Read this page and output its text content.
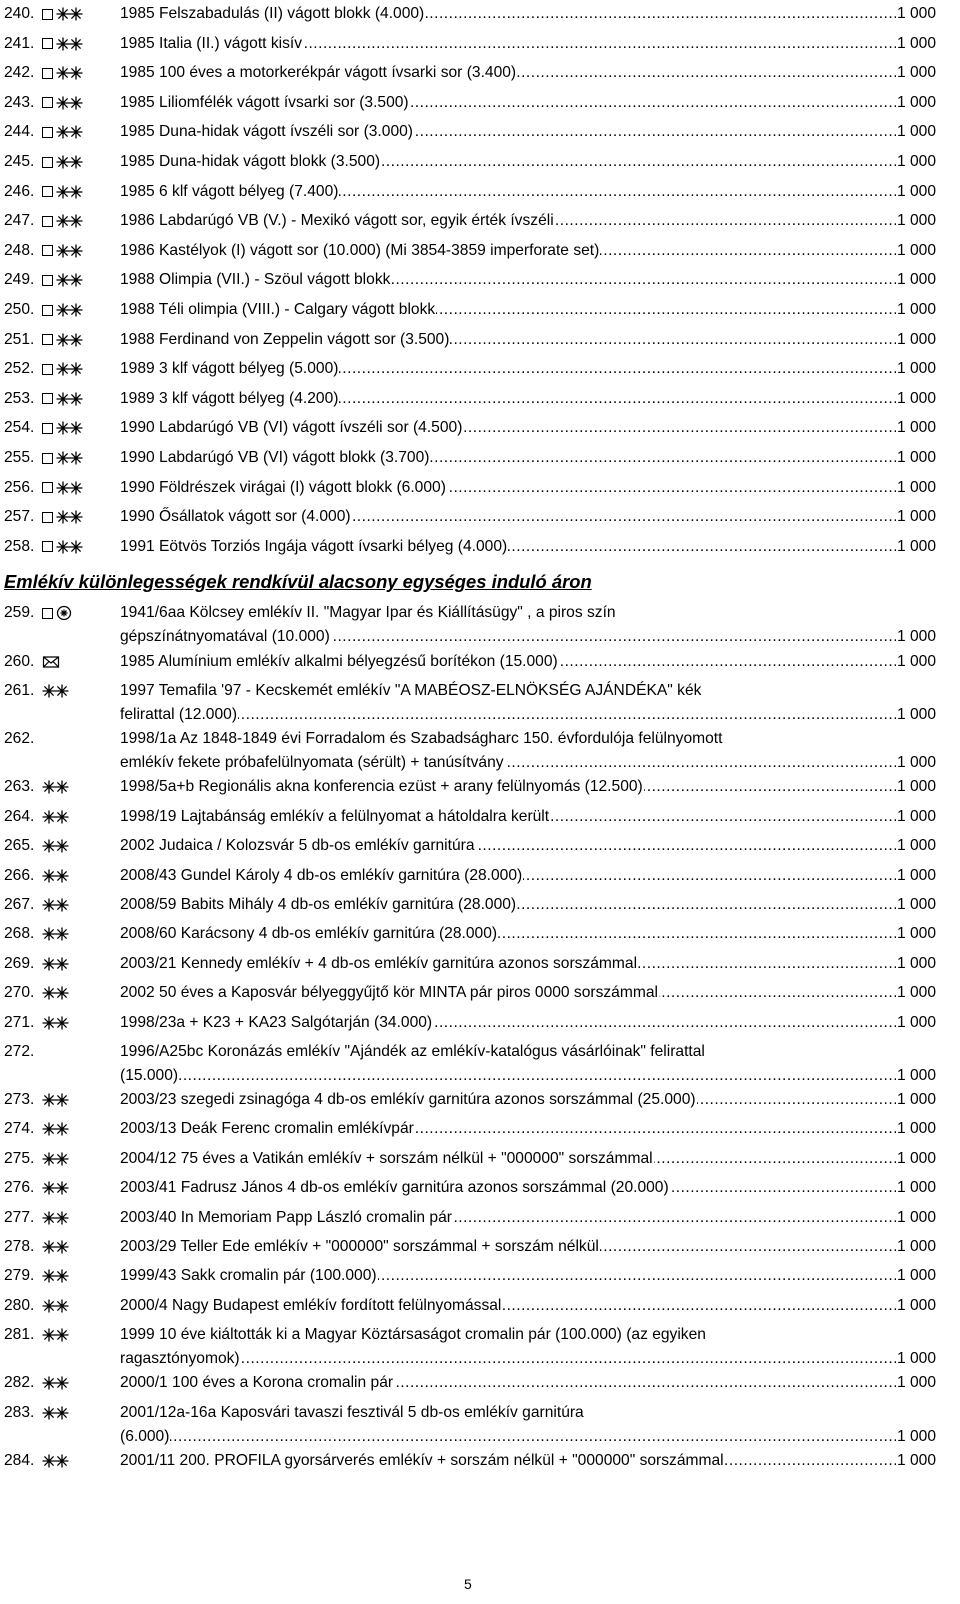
240.	1985 Felszabadulás (II) vágott blokk (4.000)	1 000
.....
241.	1985 Italia (II.) vágott kisív	1 000
.....
242.	1985 100 éves a motorkerékpár vágott ívsarki sor (3.400)	1 000
.....
243.	1985 Liliomfélék vágott ívsarki sor (3.500)	1 000
.....
244.	1985 Duna-hidak vágott ívszéli sor (3.000)	1 000
.....
245.	1985 Duna-hidak vágott blokk (3.500)	1 000
.....
246.	1985 6 klf vágott bélyeg (7.400)	1 000
.....
247.	1986 Labdarúgó VB (V.) - Mexikó vágott sor, egyik érték ívszéli	1 000
.....
248.	1986 Kastélyok (I) vágott sor (10.000) (Mi 3854-3859 imperforate set)	1 000
.....
249.	1988 Olimpia (VII.) - Szöul vágott blokk	1 000
.....
250.	1988 Téli olimpia (VIII.) - Calgary vágott blokk	1 000
.....
251.	1988 Ferdinand von Zeppelin vágott sor (3.500)	1 000
.....
252.	1989 3 klf vágott bélyeg (5.000)	1 000
.....
253.	1989 3 klf vágott bélyeg (4.200)	1 000
.....
254.	1990 Labdarúgó VB (VI) vágott ívszéli sor (4.500)	1 000
.....
255.	1990 Labdarúgó VB (VI) vágott blokk (3.700)	1 000
.....
256.	1990 Földrészek virágai (I) vágott blokk (6.000)	1 000
.....
257.	1990 Ősállatok vágott sor (4.000)	1 000
.....
258.	1991 Eötvös Torziós Ingája vágott ívsarki bélyeg (4.000)	1 000
.....
Emlékív különlegességek rendkívül alacsony egységes induló áron
259.	1941/6aa Kölcsey emlékív II. "Magyar Ipar és Kiállításügy" , a piros szín
gépszínátnyomatával (10.000)	1 000
.....
260.	1985 Alumínium emlékív alkalmi bélyegzésű borítékon (15.000)	1 000
.....
261.	1997 Temafila '97 - Kecskemét emlékív "A MABÉOSZ-ELNÖKSÉG AJÁNDÉKA" kék
felirattal (12.000)	1 000
.....
262.	1998/1a Az 1848-1849 évi Forradalom és Szabadságharc 150. évfordulója felülnyomott
emlékív fekete próbafelülnyomata (sérült) + tanúsítvány	1 000
.....
263.	1998/5a+b Regionális akna konferencia ezüst + arany felülnyomás (12.500)	1 000
.....
264.	1998/19 Lajtabánság emlékív a felülnyomat a hátoldalra került	1 000
.....
265.	2002 Judaica / Kolozsvár 5 db-os emlékív garnitúra	1 000
.....
266.	2008/43 Gundel Károly 4 db-os emlékív garnitúra (28.000)	1 000
.....
267.	2008/59 Babits Mihály 4 db-os emlékív garnitúra (28.000)	1 000
.....
268.	2008/60 Karácsony 4 db-os emlékív garnitúra (28.000)	1 000
.....
269.	2003/21 Kennedy emlékív + 4 db-os emlékív garnitúra azonos sorszámmal	1 000
.....
270.	2002 50 éves a Kaposvár bélyeggyűjtő kör MINTA pár piros 0000 sorszámmal	1 000
.....
271.	1998/23a + K23 + KA23 Salgótarján (34.000)	1 000
.....
272.	1996/A25bc Koronázás emlékív "Ajándék az emlékív-katalógus vásárlóinak" felirattal
(15.000)	1 000
.....
273.	2003/23 szegedi zsinagóga 4 db-os emlékív garnitúra azonos sorszámmal (25.000)	1 000
.....
274.	2003/13 Deák Ferenc cromalin emlékívpár	1 000
.....
275.	2004/12 75 éves a Vatikán emlékív + sorszám nélkül + "000000" sorszámmal	1 000
.....
276.	2003/41 Fadrusz János 4 db-os emlékív garnitúra azonos sorszámmal (20.000)	1 000
.....
277.	2003/40 In Memoriam Papp László cromalin pár	1 000
.....
278.	2003/29 Teller Ede emlékív + "000000" sorszámmal + sorszám nélkül	1 000
.....
279.	1999/43 Sakk cromalin pár (100.000)	1 000
.....
280.	2000/4 Nagy Budapest emlékív fordított felülnyomással	1 000
.....
281.	1999 10 éve kiáltották ki a Magyar Köztársaságot cromalin pár (100.000) (az egyiken
ragasztónyomok)	1 000
.....
282.	2000/1 100 éves a Korona cromalin pár	1 000
.....
283.	2001/12a-16a Kaposvári tavaszi fesztivál 5 db-os emlékív garnitúra
(6.000)	1 000
.....
284.	2001/11 200. PROFILA gyorsárverés emlékív + sorszám nélkül + "000000" sorszámmal	1 000
.....
5
